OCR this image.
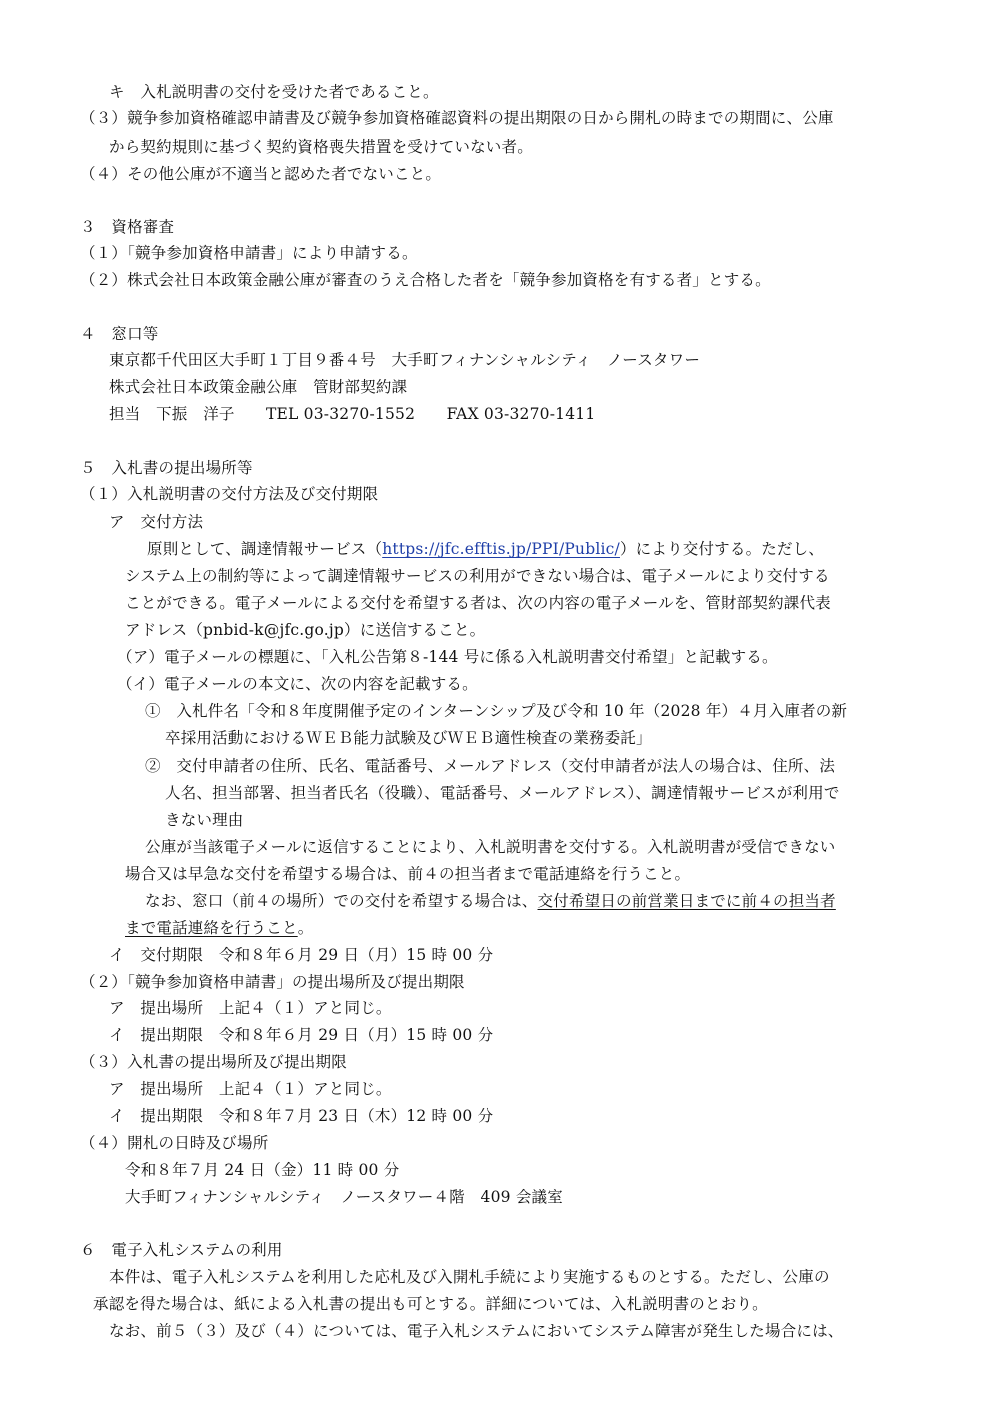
キ　入札説明書の交付を受けた者であること。
（３）競争参加資格確認申請書及び競争参加資格確認資料の提出期限の日から開札の時までの期間に、公庫
から契約規則に基づく契約資格喪失措置を受けていない者。
（４）その他公庫が不適当と認めた者でないこと。
３　資格審査
（１）「競争参加資格申請書」により申請する。
（２）株式会社日本政策金融公庫が審査のうえ合格した者を「競争参加資格を有する者」とする。
４　窓口等
東京都千代田区大手町１丁目９番４号　大手町フィナンシャルシティ　ノースタワー
株式会社日本政策金融公庫　管財部契約課
担当　下振　洋子　　TEL 03-3270-1552　　FAX 03-3270-1411
５　入札書の提出場所等
（１）入札説明書の交付方法及び交付期限
ア　交付方法
原則として、調達情報サービス（https://jfc.efftis.jp/PPI/Public/）により交付する。ただし、
システム上の制約等によって調達情報サービスの利用ができない場合は、電子メールにより交付する
ことができる。電子メールによる交付を希望する者は、次の内容の電子メールを、管財部契約課代表
アドレス（pnbid-k@jfc.go.jp）に送信すること。
（ア）電子メールの標題に、「入札公告第８-144 号に係る入札説明書交付希望」と記載する。
（イ）電子メールの本文に、次の内容を記載する。
①　入札件名「令和８年度開催予定のインターンシップ及び令和 10 年（2028 年）４月入庫者の新
卒採用活動におけるＷＥＢ能力試験及びＷＥＢ適性検査の業務委託」
②　交付申請者の住所、氏名、電話番号、メールアドレス（交付申請者が法人の場合は、住所、法
人名、担当部署、担当者氏名（役職）、電話番号、メールアドレス）、調達情報サービスが利用で
きない理由
公庫が当該電子メールに返信することにより、入札説明書を交付する。入札説明書が受信できない
場合又は早急な交付を希望する場合は、前４の担当者まで電話連絡を行うこと。
なお、窓口（前４の場所）での交付を希望する場合は、交付希望日の前営業日までに前４の担当者
まで電話連絡を行うこと。
イ　交付期限　令和８年６月 29 日（月）15 時 00 分
（２）「競争参加資格申請書」の提出場所及び提出期限
ア　提出場所　上記４（１）アと同じ。
イ　提出期限　令和８年６月 29 日（月）15 時 00 分
（３）入札書の提出場所及び提出期限
ア　提出場所　上記４（１）アと同じ。
イ　提出期限　令和８年７月 23 日（木）12 時 00 分
（４）開札の日時及び場所
令和８年７月 24 日（金）11 時 00 分
大手町フィナンシャルシティ　ノースタワー４階　409 会議室
６　電子入札システムの利用
本件は、電子入札システムを利用した応札及び入開札手続により実施するものとする。ただし、公庫の
承認を得た場合は、紙による入札書の提出も可とする。詳細については、入札説明書のとおり。
なお、前５（３）及び（４）については、電子入札システムにおいてシステム障害が発生した場合には、
